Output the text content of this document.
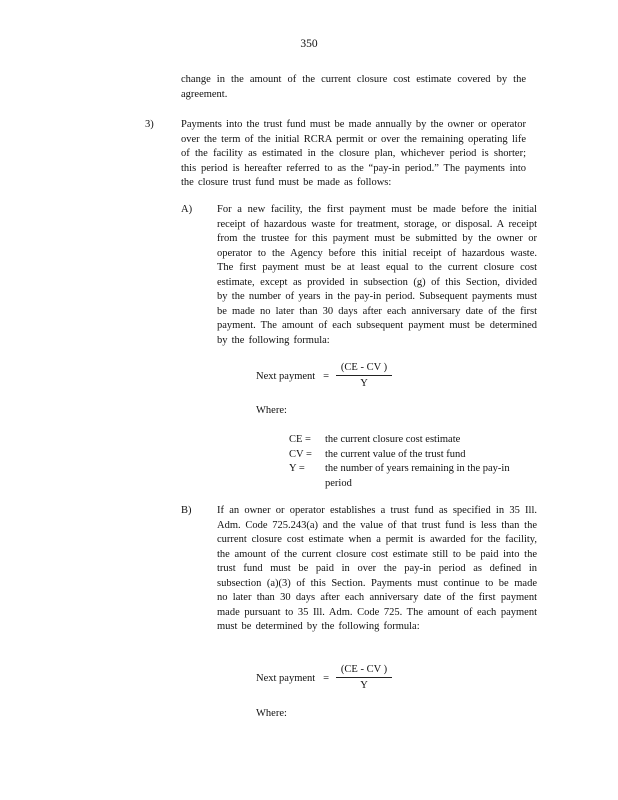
350
change in the amount of the current closure cost estimate covered by the agreement.
3)	Payments into the trust fund must be made annually by the owner or operator over the term of the initial RCRA permit or over the remaining operating life of the facility as estimated in the closure plan, whichever period is shorter; this period is hereafter referred to as the “pay-in period.” The payments into the closure trust fund must be made as follows:
A) For a new facility, the first payment must be made before the initial receipt of hazardous waste for treatment, storage, or disposal. A receipt from the trustee for this payment must be submitted by the owner or operator to the Agency before this initial receipt of hazardous waste. The first payment must be at least equal to the current closure cost estimate, except as provided in subsection (g) of this Section, divided by the number of years in the pay-in period. Subsequent payments must be made no later than 30 days after each anniversary date of the first payment. The amount of each subsequent payment must be determined by the following formula:
Next payment =
(CE - CV )
Y
Where:
CE =	the current closure cost estimate
CV =	the current value of the trust fund
Y =	the number of years remaining in the pay-in period
B) If an owner or operator establishes a trust fund as specified in 35 Ill. Adm. Code 725.243(a) and the value of that trust fund is less than the current closure cost estimate when a permit is awarded for the facility, the amount of the current closure cost estimate still to be paid into the trust fund must be paid in over the pay-in period as defined in subsection (a)(3) of this Section. Payments must continue to be made no later than 30 days after each anniversary date of the first payment made pursuant to 35 Ill. Adm. Code 725. The amount of each payment must be determined by the following formula:
Next payment =
(CE - CV )
Y
Where:
